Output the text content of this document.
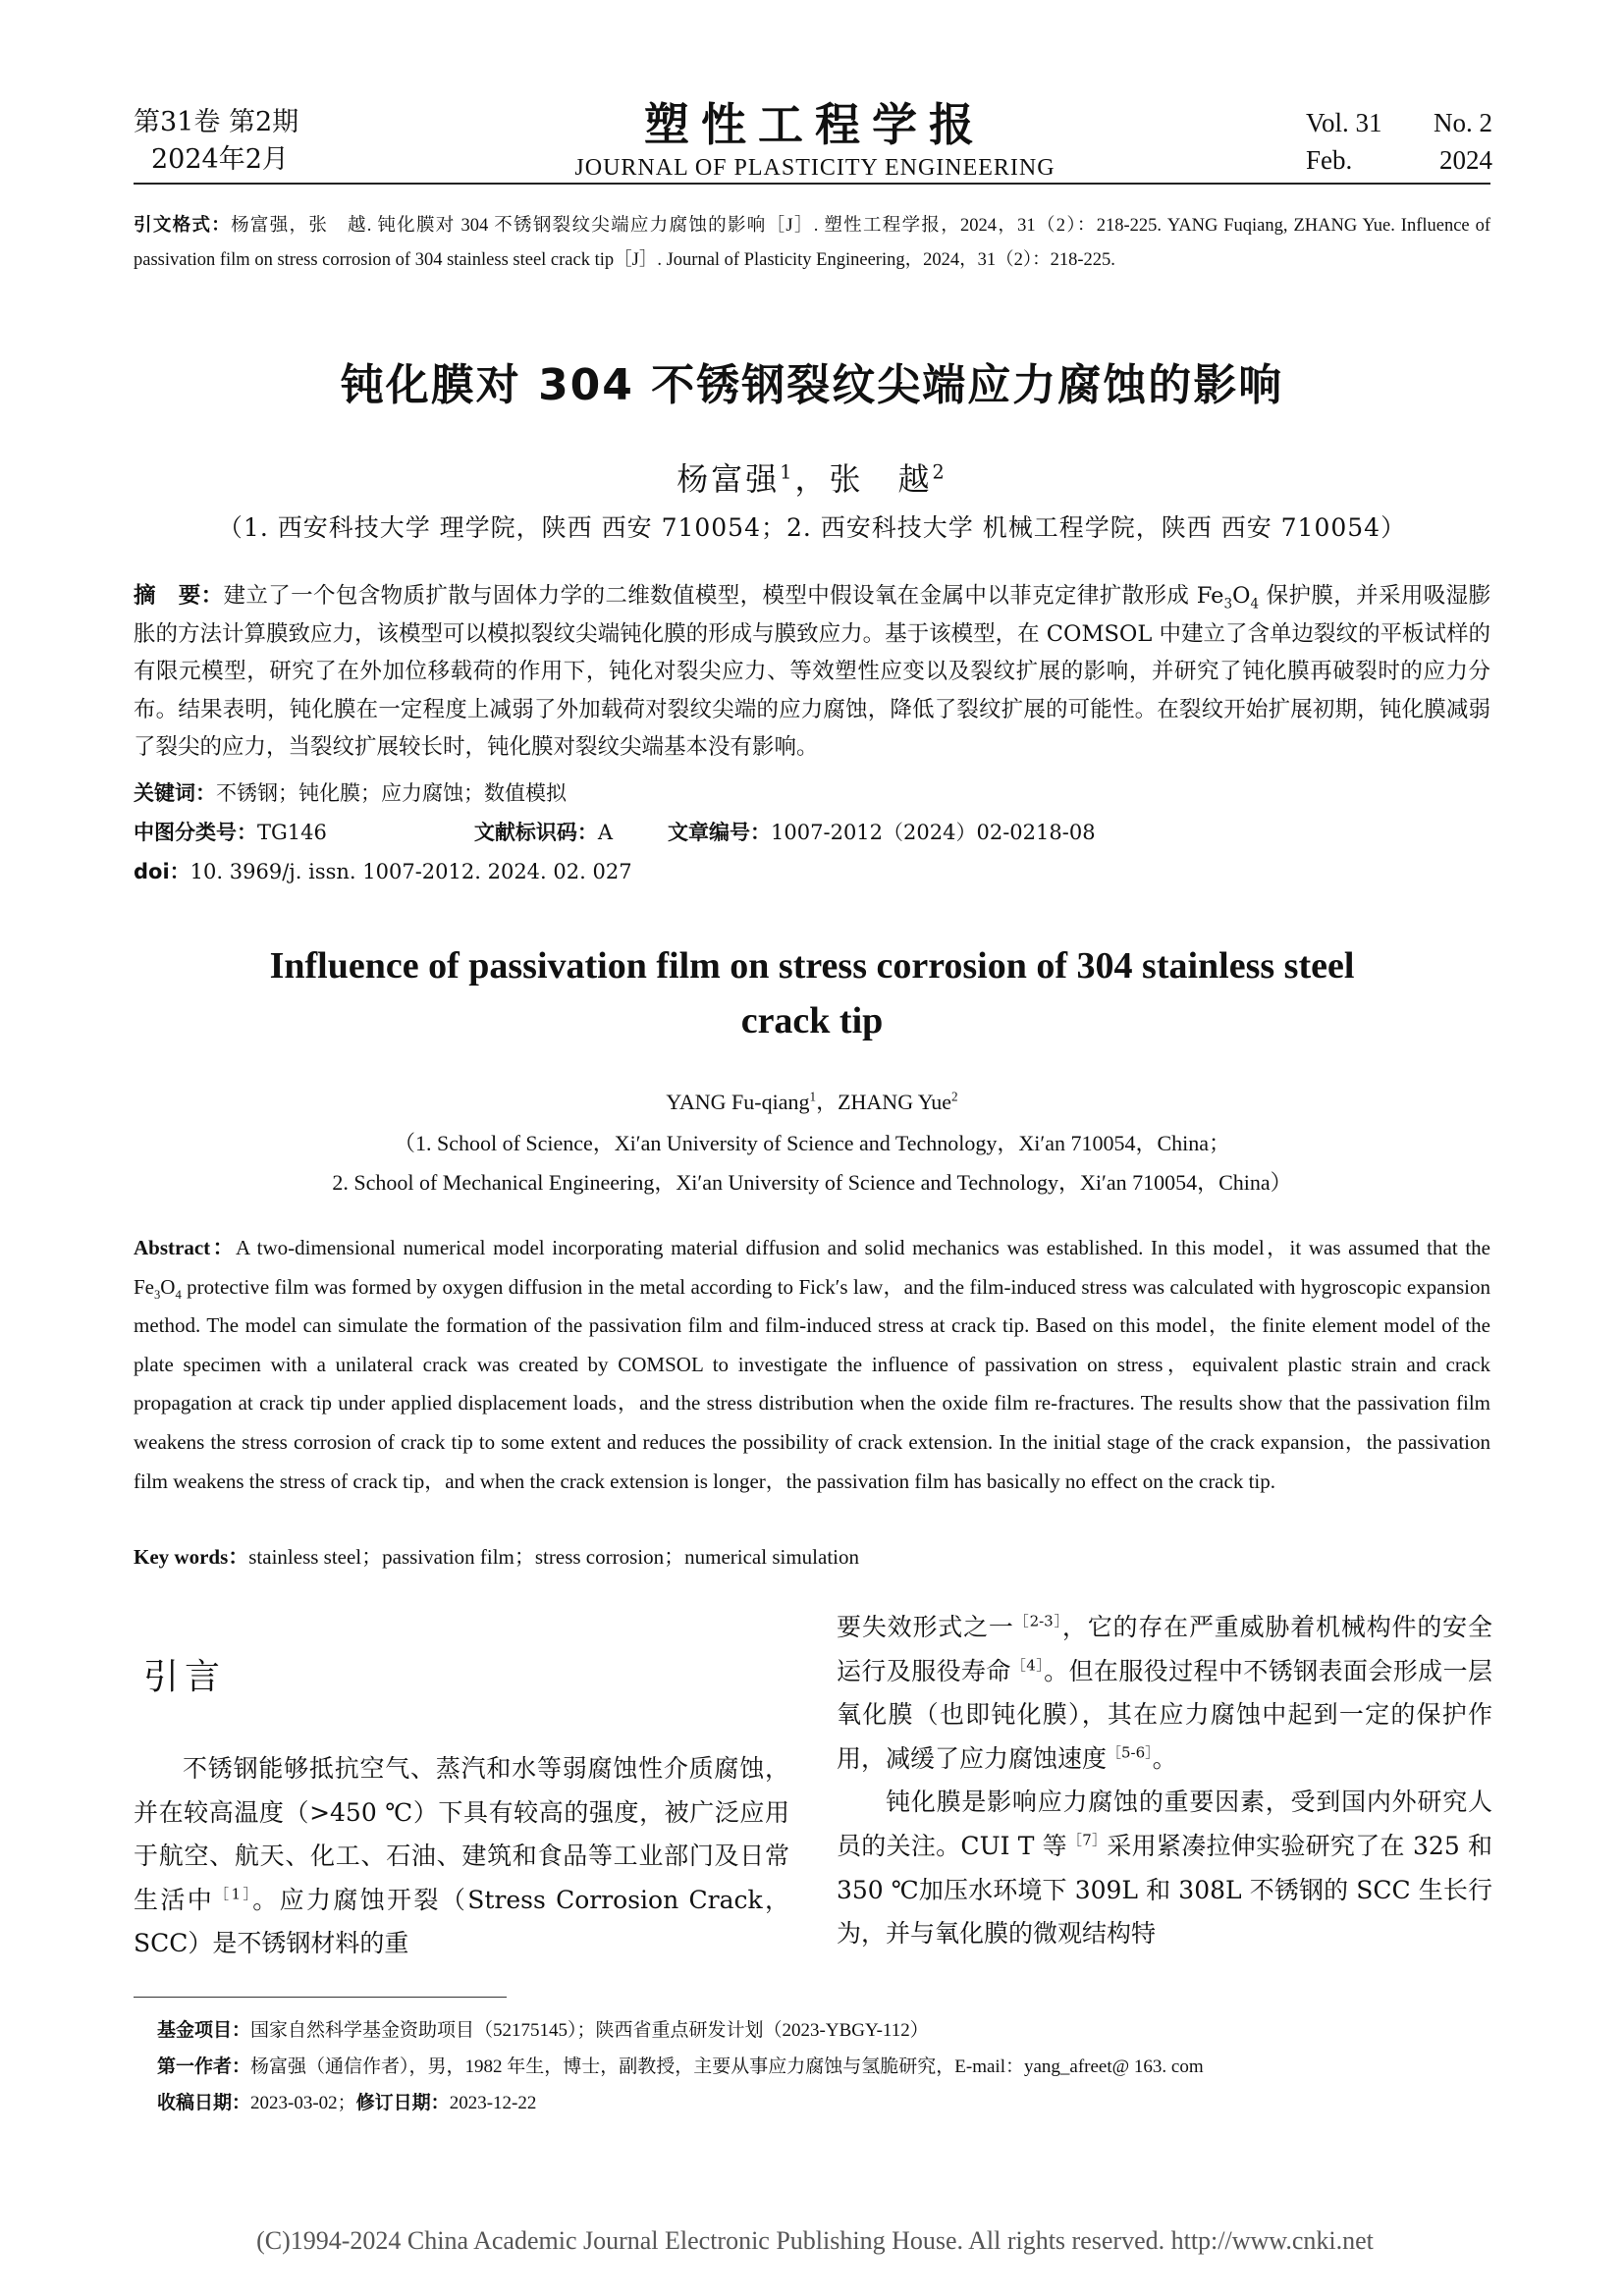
第31卷 第2期
2024年2月
塑性工程学报
JOURNAL OF PLASTICITY ENGINEERING
Vol. 31 No. 2
Feb.	2024
引文格式：杨富强，张　越. 钝化膜对 304 不锈钢裂纹尖端应力腐蚀的影响［J］. 塑性工程学报，2024，31（2）：218-225. YANG Fuqiang, ZHANG Yue. Influence of passivation film on stress corrosion of 304 stainless steel crack tip［J］. Journal of Plasticity Engineering，2024，31（2）：218-225.
钝化膜对 304 不锈钢裂纹尖端应力腐蚀的影响
杨富强$^1$，张　越$^2$
（1. 西安科技大学 理学院，陕西 西安 710054；2. 西安科技大学 机械工程学院，陕西 西安 710054）
摘　要：建立了一个包含物质扩散与固体力学的二维数值模型，模型中假设氧在金属中以菲克定律扩散形成 $Fe_3O_4$ 保护膜，并采用吸湿膨胀的方法计算膜致应力，该模型可以模拟裂纹尖端钝化膜的形成与膜致应力。基于该模型，在 COMSOL 中建立了含单边裂纹的平板试样的有限元模型，研究了在外加位移载荷的作用下，钝化对裂尖应力、等效塑性应变以及裂纹扩展的影响，并研究了钝化膜再破裂时的应力分布。结果表明，钝化膜在一定程度上减弱了外加载荷对裂纹尖端的应力腐蚀，降低了裂纹扩展的可能性。在裂纹开始扩展初期，钝化膜减弱了裂尖的应力，当裂纹扩展较长时，钝化膜对裂纹尖端基本没有影响。
关键词：不锈钢；钝化膜；应力腐蚀；数值模拟
中图分类号：TG146	文献标识码：A	文章编号：1007-2012（2024）02-0218-08
doi：10. 3969/j. issn. 1007-2012. 2024. 02. 027
Influence of passivation film on stress corrosion of 304 stainless steel
crack tip
YANG Fu-qiang$^1$，ZHANG Yue$^2$
（1. School of Science，Xi′an University of Science and Technology，Xi′an 710054，China；
2. School of Mechanical Engineering，Xi′an University of Science and Technology，Xi′an 710054，China）
Abstract：A two-dimensional numerical model incorporating material diffusion and solid mechanics was established. In this model，it was assumed that the $Fe_3O_4$ protective film was formed by oxygen diffusion in the metal according to Fick′s law，and the film-induced stress was calculated with hygroscopic expansion method. The model can simulate the formation of the passivation film and film-induced stress at crack tip. Based on this model，the finite element model of the plate specimen with a unilateral crack was created by COMSOL to investigate the influence of passivation on stress，equivalent plastic strain and crack propagation at crack tip under applied displacement loads，and the stress distribution when the oxide film re-fractures. The results show that the passivation film weakens the stress corrosion of crack tip to some extent and reduces the possibility of crack extension. In the initial stage of the crack expansion，the passivation film weakens the stress of crack tip，and when the crack extension is longer，the passivation film has basically no effect on the crack tip.
Key words：stainless steel；passivation film；stress corrosion；numerical simulation
引言

不锈钢能够抵抗空气、蒸汽和水等弱腐蚀性介质腐蚀，并在较高温度（>450 ℃）下具有较高的强度，被广泛应用于航空、航天、化工、石油、建筑和食品等工业部门及日常生活中$^{[1]}$。应力腐蚀开裂（Stress Corrosion Crack，SCC）是不锈钢材料的重

要失效形式之一$^{[2-3]}$，它的存在严重威胁着机械构件的安全运行及服役寿命$^{[4]}$。但在服役过程中不锈钢表面会形成一层氧化膜（也即钝化膜），其在应力腐蚀中起到一定的保护作用，减缓了应力腐蚀速度$^{[5-6]}$。

钝化膜是影响应力腐蚀的重要因素，受到国内外研究人员的关注。CUI T 等$^{[7]}$采用紧凑拉伸实验研究了在 325 和 350 ℃加压水环境下 309L 和 308L 不锈钢的 SCC 生长行为，并与氧化膜的微观结构特

基金项目：国家自然科学基金资助项目（52175145）；陕西省重点研发计划（2023-YBGY-112）
第一作者：杨富强（通信作者），男，1982 年生，博士，副教授，主要从事应力腐蚀与氢脆研究，E-mail：yang_afreet@ 163. com
收稿日期：2023-03-02；修订日期：2023-12-22
(C)1994-2024 China Academic Journal Electronic Publishing House. All rights reserved. http://www.cnki.net
